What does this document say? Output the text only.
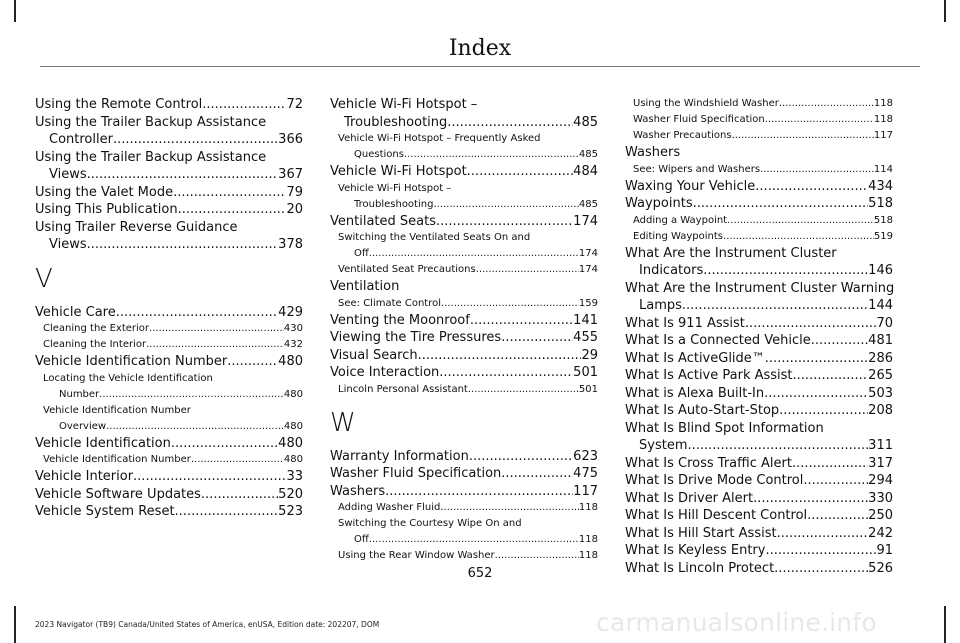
Index
Using the Remote Control .....	72
Using the Trailer Backup Assistance
Controller .....	366
Using the Trailer Backup Assistance
Views .....	367
Using the Valet Mode .....	79
Using This Publication .....	20
Using Trailer Reverse Guidance
Views .....	378
V
Vehicle Care .....	429
Cleaning the Exterior .....	430
Cleaning the Interior .....	432
Vehicle Identification Number .....	480
Locating the Vehicle Identification
Number .....	480
Vehicle Identification Number
Overview .....	480
Vehicle Identification .....	480
Vehicle Identification Number .....	480
Vehicle Interior .....	33
Vehicle Software Updates .....	520
Vehicle System Reset .....	523
Vehicle Wi-Fi Hotspot –
Troubleshooting .....	485
Vehicle Wi-Fi Hotspot – Frequently Asked
Questions .....	485
Vehicle Wi-Fi Hotspot .....	484
Vehicle Wi-Fi Hotspot –
Troubleshooting .....	485
Ventilated Seats .....	174
Switching the Ventilated Seats On and
Off .....	174
Ventilated Seat Precautions .....	174
Ventilation
See: Climate Control .....	159
Venting the Moonroof .....	141
Viewing the Tire Pressures .....	455
Visual Search .....	29
Voice Interaction .....	501
Lincoln Personal Assistant .....	501
W
Warranty Information .....	623
Washer Fluid Specification .....	475
Washers .....	117
Adding Washer Fluid .....	118
Switching the Courtesy Wipe On and
Off .....	118
Using the Rear Window Washer .....	118
Using the Windshield Washer .....	118
Washer Fluid Specification .....	118
Washer Precautions .....	117
Washers
See: Wipers and Washers .....	114
Waxing Your Vehicle .....	434
Waypoints .....	518
Adding a Waypoint .....	518
Editing Waypoints .....	519
What Are the Instrument Cluster
Indicators .....	146
What Are the Instrument Cluster Warning
Lamps .....	144
What Is 911 Assist .....	70
What Is a Connected Vehicle .....	481
What Is ActiveGlide™ .....	286
What Is Active Park Assist .....	265
What is Alexa Built-In .....	503
What Is Auto-Start-Stop .....	208
What Is Blind Spot Information
System .....	311
What Is Cross Traffic Alert .....	317
What Is Drive Mode Control .....	294
What Is Driver Alert .....	330
What Is Hill Descent Control .....	250
What Is Hill Start Assist .....	242
What Is Keyless Entry .....	91
What Is Lincoln Protect .....	526
652
2023 Navigator (TB9) Canada/United States of America, enUSA, Edition date: 202207, DOM	carmanualsonline.info
